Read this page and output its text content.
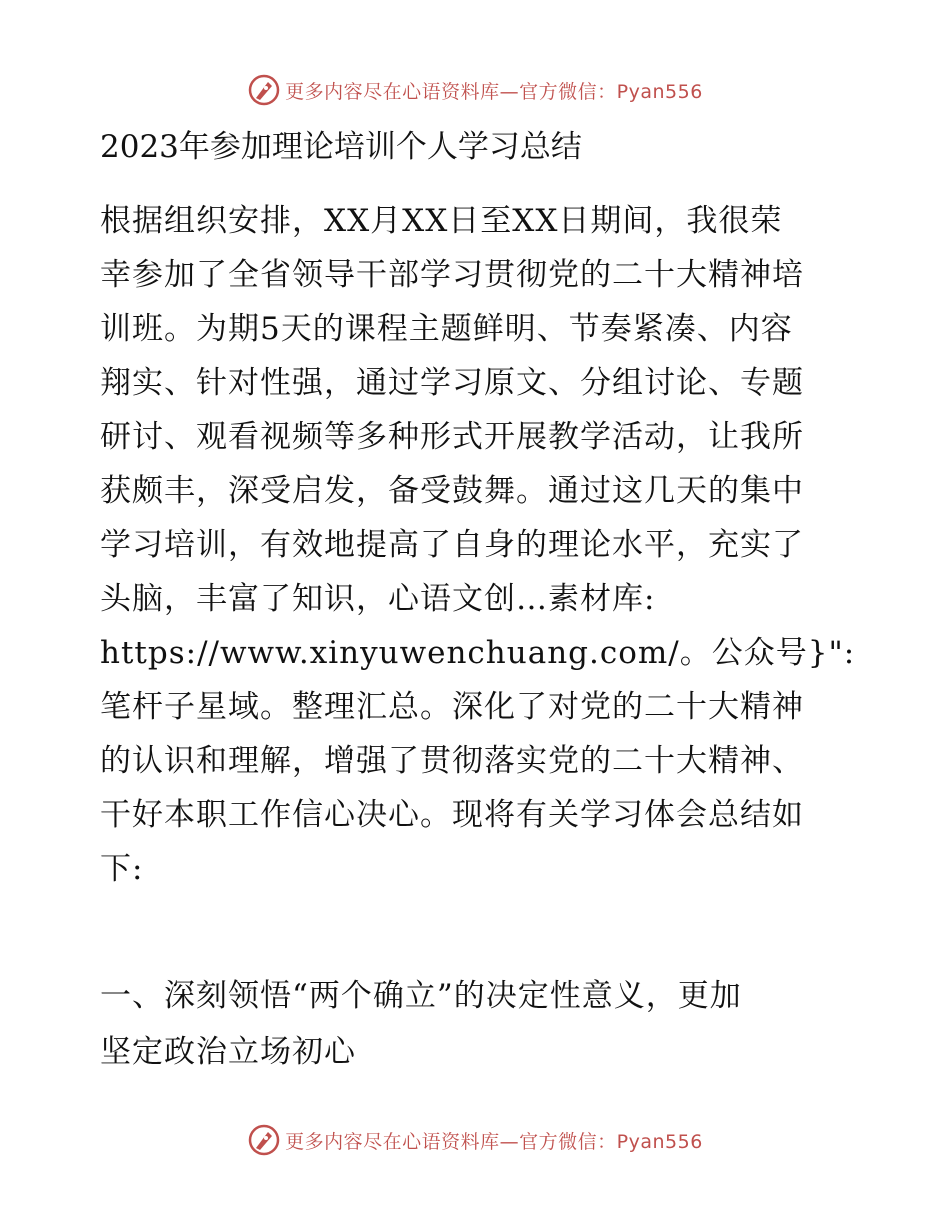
更多内容尽在心语资料库—官方微信：Pyan556
2023年参加理论培训个人学习总结
根据组织安排，XX月XX日至XX日期间，我很荣
幸参加了全省领导干部学习贯彻党的二十大精神培
训班。为期5天的课程主题鲜明、节奏紧凑、内容
翔实、针对性强，通过学习原文、分组讨论、专题
研讨、观看视频等多种形式开展教学活动，让我所
获颇丰，深受启发，备受鼓舞。通过这几天的集中
学习培训，有效地提高了自身的理论水平，充实了
头脑，丰富了知识，心语文创…素材库:
https://www.xinyuwenchuang.com/。公众号}":
笔杆子星域。整理汇总。深化了对党的二十大精神
的认识和理解，增强了贯彻落实党的二十大精神、
干好本职工作信心决心。现将有关学习体会总结如
下:
一、深刻领悟“两个确立”的决定性意义，更加
坚定政治立场初心
更多内容尽在心语资料库—官方微信：Pyan556
